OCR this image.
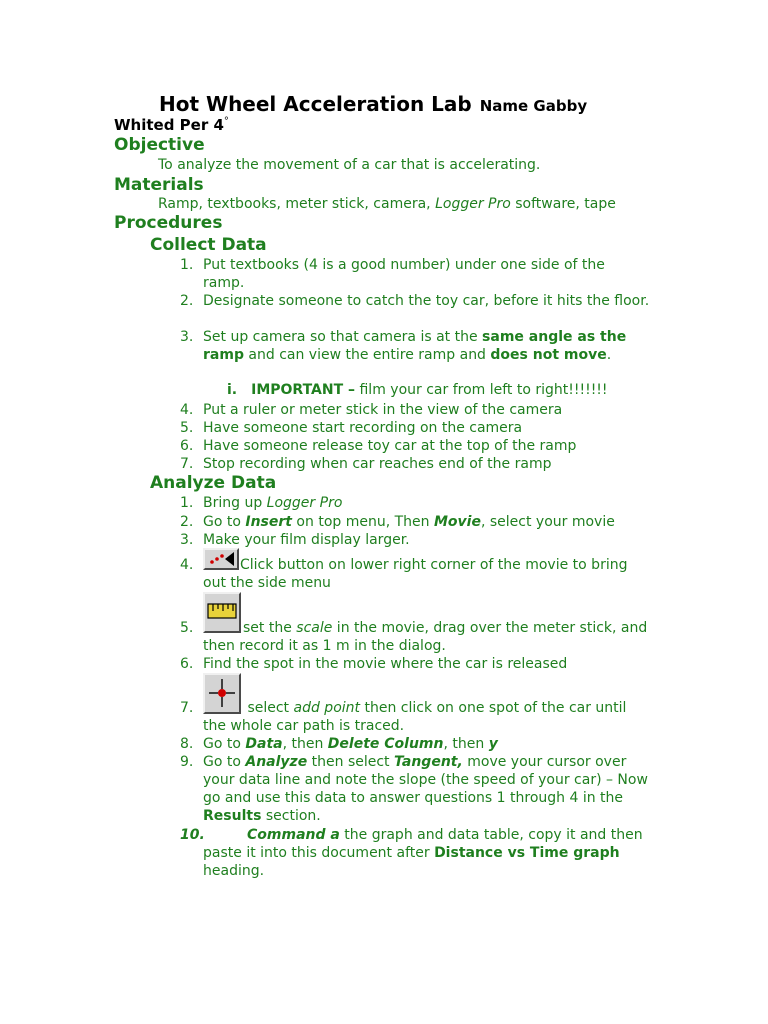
Hot Wheel Acceleration Lab Name Gabby
Whited Per 4°
Objective
To analyze the movement of a car that is accelerating.
Materials
Ramp, textbooks, meter stick, camera, Logger Pro software, tape
Procedures
Collect Data
1. Put textbooks (4 is a good number) under one side of the ramp.
2. Designate someone to catch the toy car, before it hits the floor.
3. Set up camera so that camera is at the same angle as the ramp and can view the entire ramp and does not move.
i. IMPORTANT – film your car from left to right!!!!!!!
4. Put a ruler or meter stick in the view of the camera
5. Have someone start recording on the camera
6. Have someone release toy car at the top of the ramp
7. Stop recording when car reaches end of the ramp
Analyze Data
1. Bring up Logger Pro
2. Go to Insert on top menu, Then Movie, select your movie
3. Make your film display larger.
4.	Click button on lower right corner of the movie to bring out the side menu
5.	set the scale in the movie, drag over the meter stick, and then record it as 1 m in the dialog.
6. Find the spot in the movie where the car is released
7.	select add point then click on one spot of the car until the whole car path is traced.
8. Go to Data, then Delete Column, then y
9. Go to Analyze then select Tangent, move your cursor over your data line and note the slope (the speed of your car) – Now go and use this data to answer questions 1 through 4 in the Results section.
10.	Command a the graph and data table, copy it and then paste it into this document after Distance vs Time graph heading.
